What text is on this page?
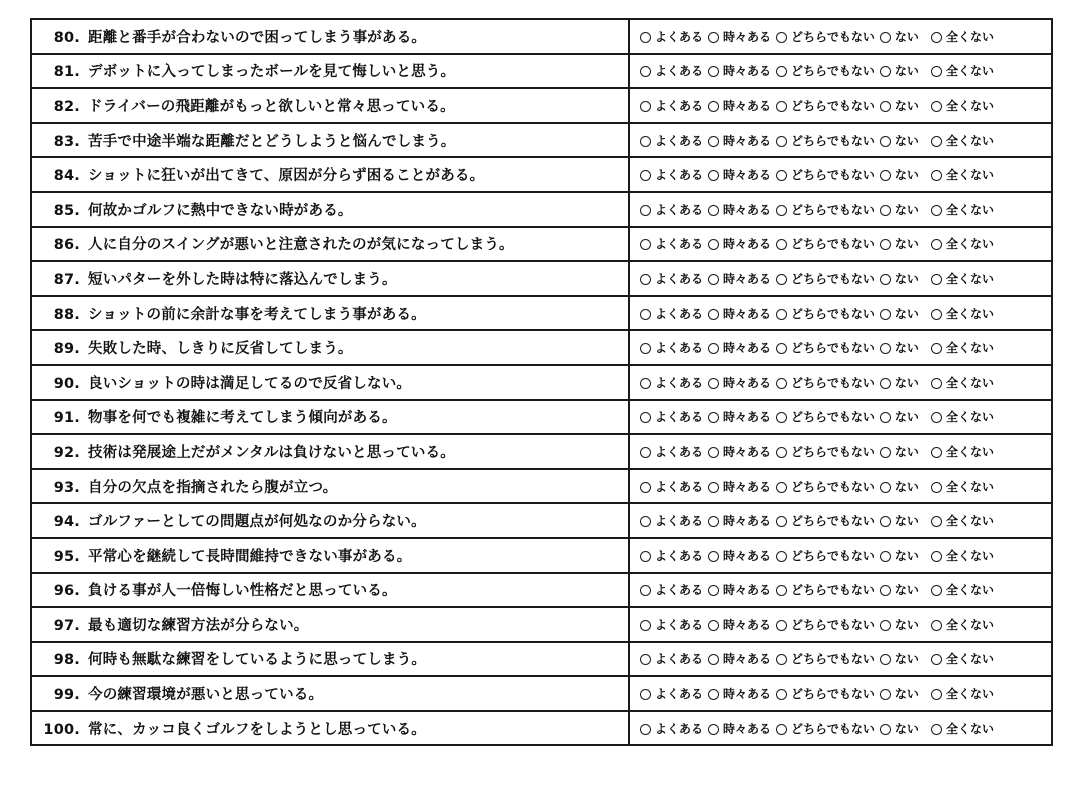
80. 距離と番手が合わないので困ってしまう事がある。	よくある 時々ある どちらでもない ない 全くない
81. デボットに入ってしまったボールを見て悔しいと思う。	よくある 時々ある どちらでもない ない 全くない
82. ドライバーの飛距離がもっと欲しいと常々思っている。	よくある 時々ある どちらでもない ない 全くない
83. 苦手で中途半端な距離だとどうしようと悩んでしまう。	よくある 時々ある どちらでもない ない 全くない
84. ショットに狂いが出てきて、原因が分らず困ることがある。	よくある 時々ある どちらでもない ない 全くない
85. 何故かゴルフに熱中できない時がある。	よくある 時々ある どちらでもない ない 全くない
86. 人に自分のスイングが悪いと注意されたのが気になってしまう。	よくある 時々ある どちらでもない ない 全くない
87. 短いパターを外した時は特に落込んでしまう。	よくある 時々ある どちらでもない ない 全くない
88. ショットの前に余計な事を考えてしまう事がある。	よくある 時々ある どちらでもない ない 全くない
89. 失敗した時、しきりに反省してしまう。	よくある 時々ある どちらでもない ない 全くない
90. 良いショットの時は満足してるので反省しない。	よくある 時々ある どちらでもない ない 全くない
91. 物事を何でも複雑に考えてしまう傾向がある。	よくある 時々ある どちらでもない ない 全くない
92. 技術は発展途上だがメンタルは負けないと思っている。	よくある 時々ある どちらでもない ない 全くない
93. 自分の欠点を指摘されたら腹が立つ。	よくある 時々ある どちらでもない ない 全くない
94. ゴルファーとしての問題点が何処なのか分らない。	よくある 時々ある どちらでもない ない 全くない
95. 平常心を継続して長時間維持できない事がある。	よくある 時々ある どちらでもない ない 全くない
96. 負ける事が人一倍悔しい性格だと思っている。	よくある 時々ある どちらでもない ない 全くない
97. 最も適切な練習方法が分らない。	よくある 時々ある どちらでもない ない 全くない
98. 何時も無駄な練習をしているように思ってしまう。	よくある 時々ある どちらでもない ない 全くない
99. 今の練習環境が悪いと思っている。	よくある 時々ある どちらでもない ない 全くない
100. 常に、カッコ良くゴルフをしようとし思っている。	よくある 時々ある どちらでもない ない 全くない
